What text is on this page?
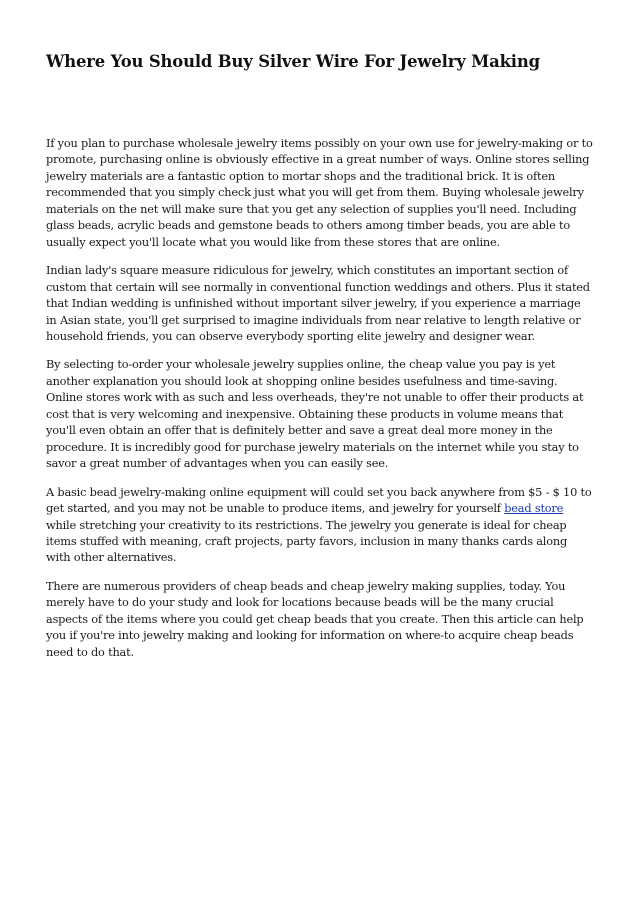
Where You Should Buy Silver Wire For Jewelry Making

If you plan to purchase wholesale jewelry items possibly on your own use for jewelry-making or to promote, purchasing online is obviously effective in a great number of ways. Online stores selling jewelry materials are a fantastic option to mortar shops and the traditional brick. It is often recommended that you simply check just what you will get from them. Buying wholesale jewelry materials on the net will make sure that you get any selection of supplies you'll need. Including glass beads, acrylic beads and gemstone beads to others among timber beads, you are able to usually expect you'll locate what you would like from these stores that are online.

Indian lady's square measure ridiculous for jewelry, which constitutes an important section of custom that certain will see normally in conventional function weddings and others. Plus it stated that Indian wedding is unfinished without important silver jewelry, if you experience a marriage in Asian state, you'll get surprised to imagine individuals from near relative to length relative or household friends, you can observe everybody sporting elite jewelry and designer wear.

By selecting to-order your wholesale jewelry supplies online, the cheap value you pay is yet another explanation you should look at shopping online besides usefulness and time-saving. Online stores work with as such and less overheads, they're not unable to offer their products at cost that is very welcoming and inexpensive. Obtaining these products in volume means that you'll even obtain an offer that is definitely better and save a great deal more money in the procedure. It is incredibly good for purchase jewelry materials on the internet while you stay to savor a great number of advantages when you can easily see.

A basic bead jewelry-making online equipment will could set you back anywhere from $5 - $ 10 to get started, and you may not be unable to produce items, and jewelry for yourself bead store while stretching your creativity to its restrictions. The jewelry you generate is ideal for cheap items stuffed with meaning, craft projects, party favors, inclusion in many thanks cards along with other alternatives.

There are numerous providers of cheap beads and cheap jewelry making supplies, today. You merely have to do your study and look for locations because beads will be the many crucial aspects of the items where you could get cheap beads that you create. Then this article can help you if you're into jewelry making and looking for information on where-to acquire cheap beads need to do that.
